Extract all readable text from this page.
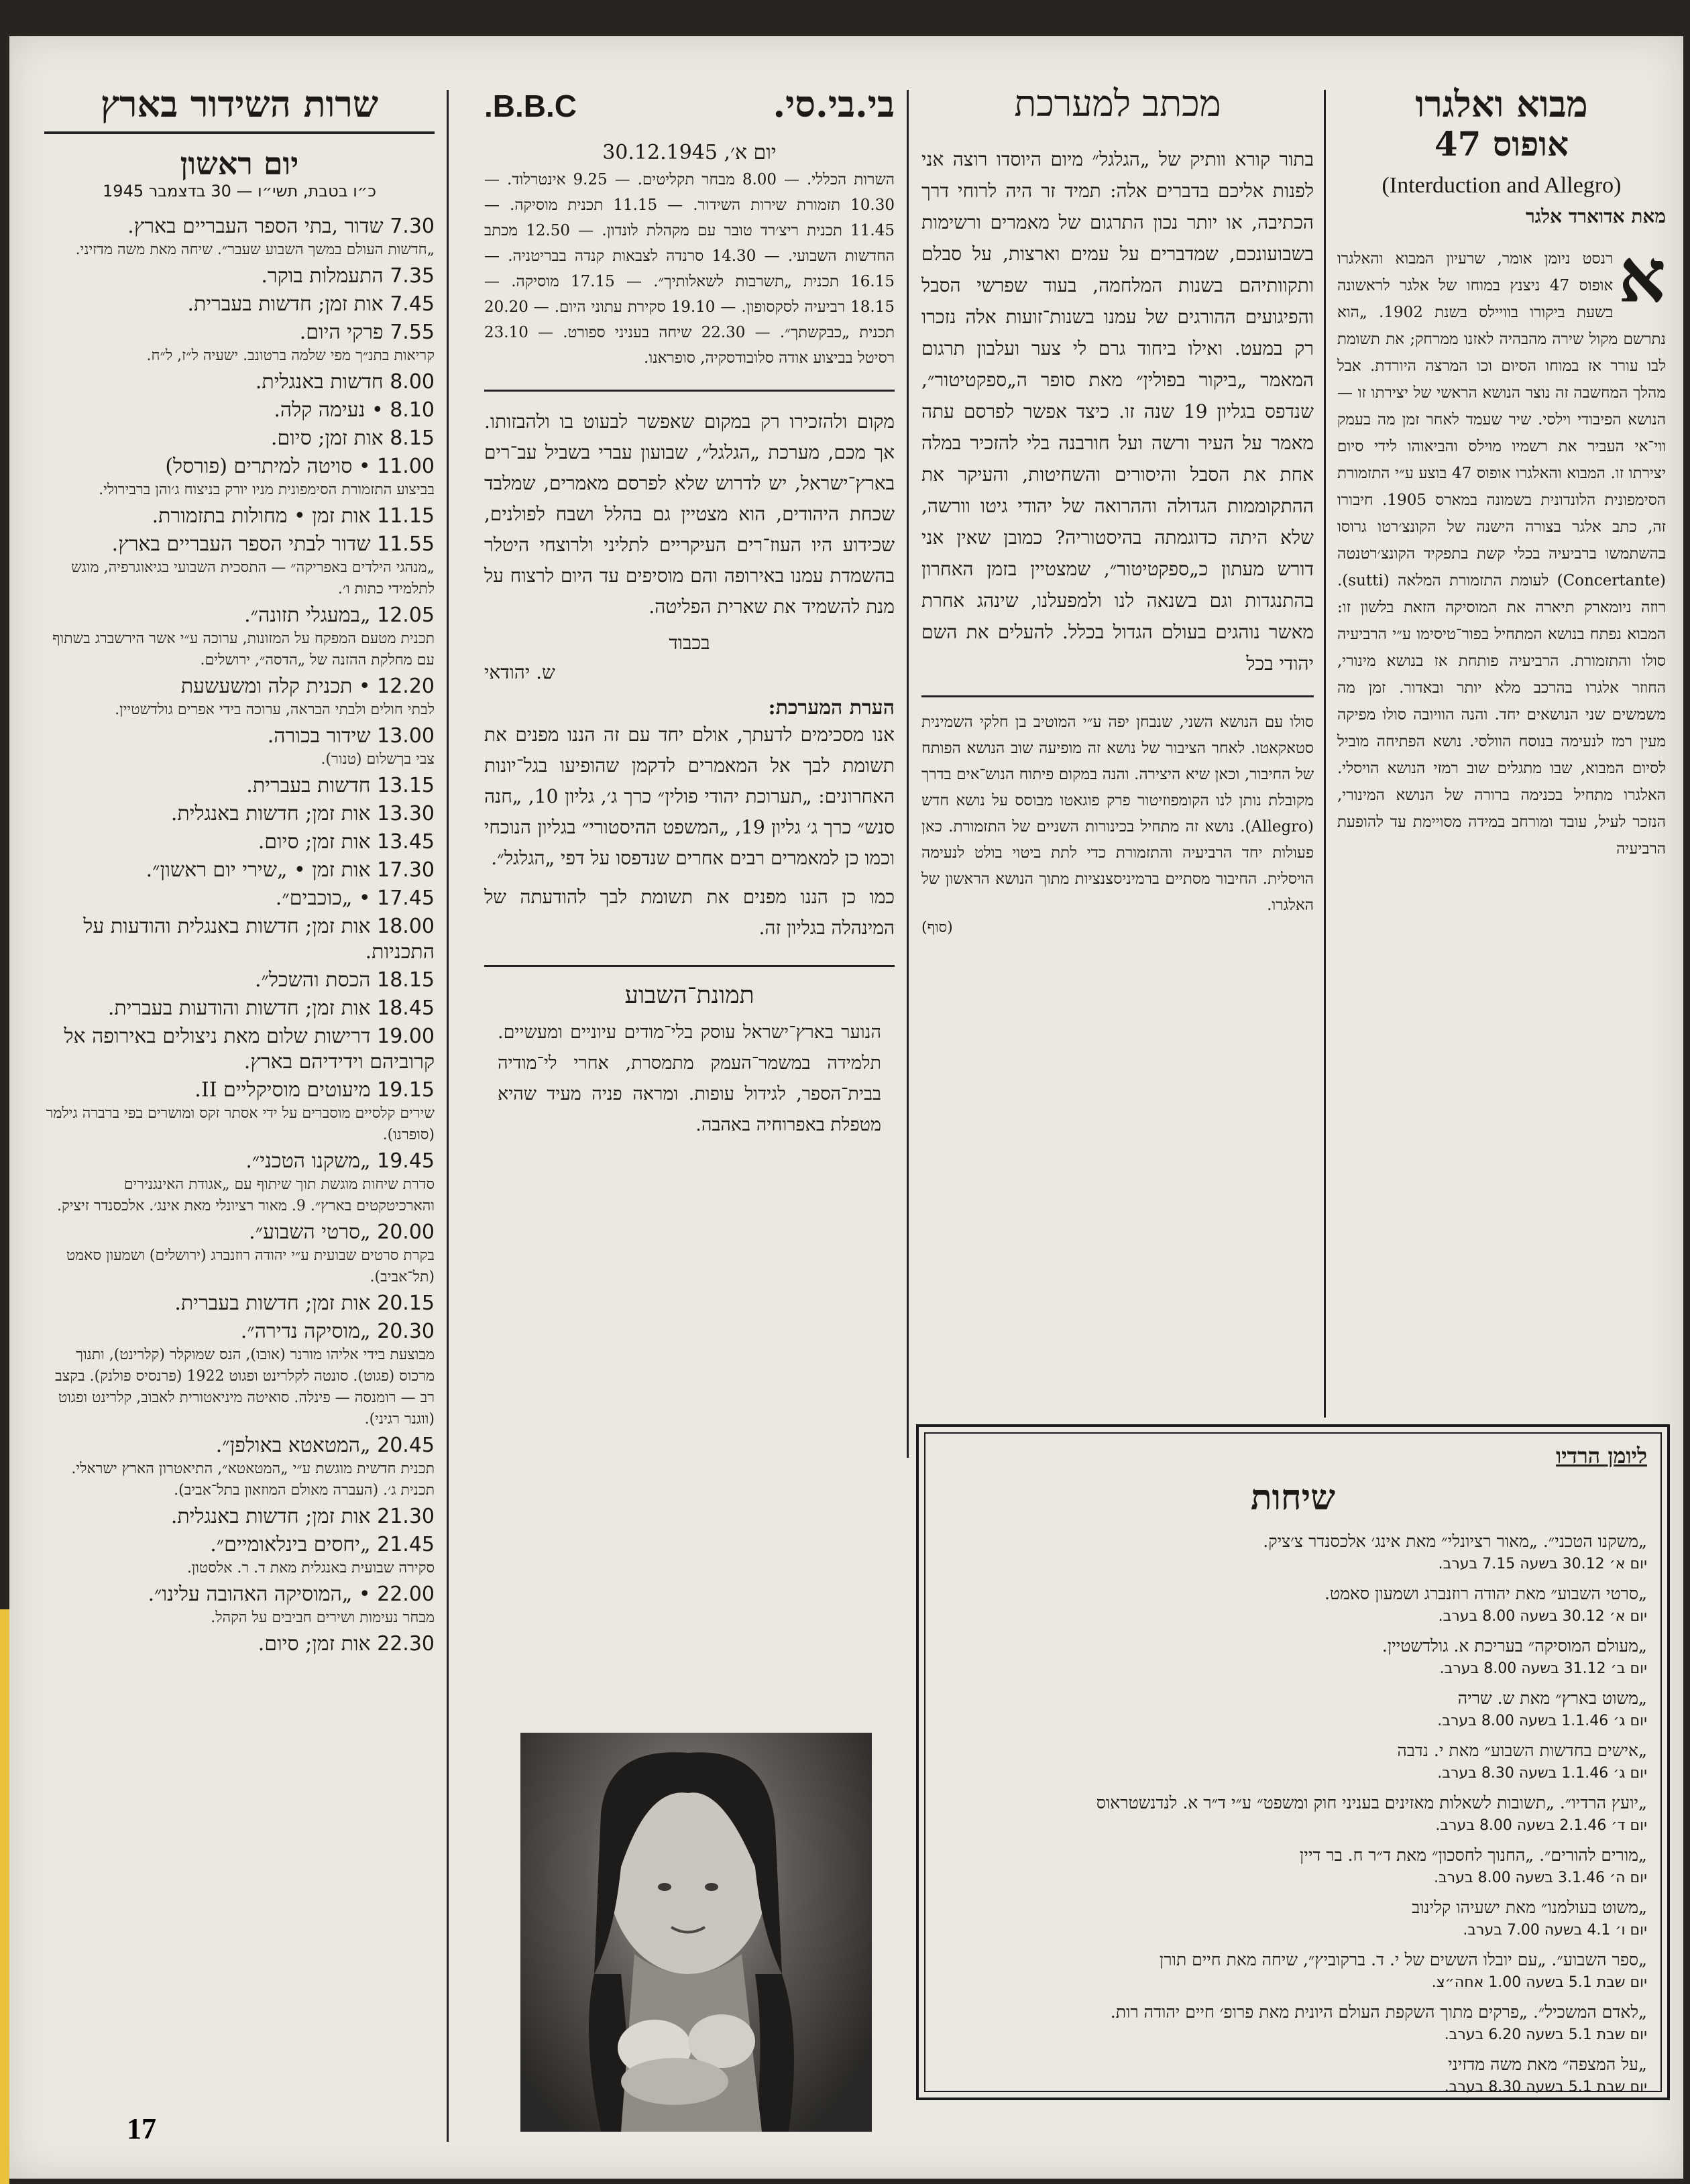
שרות השידור בארץ
יום ראשון
כ״ו בטבת, תשי״ו — 30 בדצמבר 1945
7.30 שדור ,בתי הספר העבריים בארץ.
„חדשות העולם במשך השבוע שעבר״. שיחה מאת משה מדזיני.
7.35 התעמלות בוקר.
7.45 אות זמן; חדשות בעברית.
7.55 פרקי היום.
קריאות בתנ״ך מפי שלמה ברטונב. ישעיה ל״ז, ל״ח.
8.00 חדשות באנגלית.
8.10 • נעימה קלה.
8.15 אות זמן; סיום.
11.00 • סויטה למיתרים (פורסל)
בביצוע התזמורת הסימפונית מניו יורק בניצוח ג׳והן ברבירולי.
11.15 אות זמן • מחולות בתזמורת.
11.55 שדור לבתי הספר העבריים בארץ.
„מנהגי הילדים באפריקה״ — התסכית השבועי בגיאוגרפיה, מוגש לתלמידי כתות ו׳.
12.05 „במעגלי תזונה״.
תכנית מטעם המפקח על המזונות, ערוכה ע״י אשר הירשברג בשתוף עם מחלקת ההזנה של „הדסה״, ירושלים.
12.20 • תכנית קלה ומשעשעת
לבתי חולים ולבתי הבראה, ערוכה בידי אפרים גולדשטיין.
13.00 שידור בכורה.
צבי בךשלום (טנור).
13.15 חדשות בעברית.
13.30 אות זמן; חדשות באנגלית.
13.45 אות זמן; סיום.
17.30 אות זמן • „שירי יום ראשון״.
17.45 • „כוכבים״.
18.00 אות זמן; חדשות באנגלית והודעות על התכניות.
18.15 הכסת והשכל״.
18.45 אות זמן; חדשות והודעות בעברית.
19.00 דרישות שלום מאת ניצולים באירופה אל קרוביהם וידידיהם בארץ.
19.15 מיעוטים מוסיקליים II.
שירים קלסיים מוסברים על ידי אסתר זקס ומושרים בפי ברברה גילמר (סופרנו).
19.45 „משקנו הטכני״.
סדרת שיחות מוגשת תוך שיתוף עם „אגודת האינגנירים והארכיטקטים בארץ״. 9. מאור רציונלי מאת אינג׳. אלכסנדר זיציק.
20.00 „סרטי השבוע״.
בקרת סרטים שבועית ע״י יהודה רוזנברג (ירושלים) ושמעון סאמט (תל־אביב).
20.15 אות זמן; חדשות בעברית.
20.30 „מוסיקה נדירה״.
מבוצעת בידי אליהו מורנר (אובו), הנס שמוקלר (קלרינט), ותנוך מרכוס (פגוט). סונטה לקלרינט ופגוט 1922 (פרנסיס פולנק). בקצב רב — רומנסה — פינלה. סואיטה מיניאטורית לאבוב, קלרינט ופגוט (ווגנר רגיני).
20.45 „המטאטא באולפן״.
תכנית חדשית מוגשת ע״י „המטאטא״, התיאטרון הארץ ישראלי. תכנית ג׳. (העברה מאולם המוזאון בתל־אביב).
21.30 אות זמן; חדשות באנגלית.
21.45 „יחסים בינלאומיים״.
סקירה שבועית באנגלית מאת ד. ר. אלסטון.
22.00 • „המוסיקה האהובה עלינו״.
מבחר נעימות ושירים חביבים על הקהל.
22.30 אות זמן; סיום.
בי.בי.סי.
B.B.C.
יום א׳, 30.12.1945
השרות הכללי. — 8.00 מבחר תקליטים. — 9.25 אינטרלוד. — 10.30 תזמורת שירות השידור. — 11.15 תכנית מוסיקה. — 11.45 תכנית ריצ׳רד טובר עם מקהלת לונדון. — 12.50 מכתב החדשות השבועי. — 14.30 סרנדה לצבאות קנדה בבריטניה. — 16.15 תכנית „תשרבות לשאלותיך״. — 17.15 מוסיקה. — 18.15 רביעיה לסקסופון. — 19.10 סקירת עתוני היום. — 20.20 תכנית „כבקשתך״. — 22.30 שיחה בעניני ספורט. — 23.10 רסיטל בביצוע אודה סלובודסקיה, סופראנו.
מקום ולהזכירו רק במקום שאפשר לבעוט בו ולהבזותו. אך מכם, מערכת „הגלגל״, שבועון עברי בשביל עב־רים בארץ־ישראל, יש לדרוש שלא לפרסם מאמרים, שמלבד שכחת היהודים, הוא מצטיין גם בהלל ושבח לפולנים, שכידוע היו העוז־רים העיקריים לתליני ולרוצחי היטלר בהשמדת עמנו באירופה והם מוסיפים עד היום לרצוח על מנת להשמיד את שארית הפליטה.
בכבוד
ש. יהודאי
הערת המערכת:
אנו מסכימים לדעתך, אולם יחד עם זה הננו מפנים את תשומת לבך אל המאמרים לדקמן שהופיעו בגל־יונות האחרונים: „תערוכת יהודי פולין״ כרך ג׳, גליון 10, „חנה סנש״ כרך ג׳ גליון 19, „המשפט ההיסטורי״ בגליון הנוכחי וכמו כן למאמרים רבים אחרים שנדפסו על דפי „הגלגל״.
כמו כן הננו מפנים את תשומת לבך להודעתה של המינהלה בגליון זה.
תמונת־השבוע
הנוער בארץ־ישראל עוסק בלי־מודים עיוניים ומעשיים. תלמידה במשמר־העמק מתמסרת, אחרי לי־מודיה בבית־הספר, לגידול עופות. ומראה פניה מעיד שהיא מטפלת באפרוחיה באהבה.
מכתב למערכת
בתור קורא וותיק של „הגלגל״ מיום היוסדו רוצה אני לפנות אליכם בדברים אלה: תמיד זר היה לרוחי דרך הכתיבה, או יותר נכון התרגום של מאמרים ורשימות בשבועונכם, שמדברים על עמים וארצות, על סבלם ותקוותיהם בשנות המלחמה, בעוד שפרשי הסבל והפיגועים ההורגים של עמנו בשנות־זועות אלה נזכרו רק במעט. ואילו ביחוד גרם לי צער ועלבון תרגום המאמר „ביקור בפולין״ מאת סופר ה„ספקטיטור״, שנדפס בגליון 19 שנה זו. כיצד אפשר לפרסם עתה מאמר על העיר ורשה ועל חורבנה בלי להזכיר במלה אחת את הסבל והיסורים והשחיטות, והעיקר את ההתקוממות הגדולה וההרואה של יהודי גיטו וורשה, שלא היתה כדוגמתה בהיסטוריה? כמובן שאין אני דורש מעתון כ„ספקטיטור״, שמצטיין בזמן האחרון בהתנגדות וגם בשנאה לנו ולמפעלנו, שינהג אחרת מאשר נוהגים בעולם הגדול בכלל. להעלים את השם יהודי בכל
סולו עם הנושא השני, שנבחן יפה ע״י המוטיב בן חלקי השמינית סטאקאטו. לאחר הציבור של נושא זה מופיעה שוב הנושא הפותח של החיבור, וכאן שיא היצירה. והנה במקום פיתוח הנוש־אים בדרך מקובלת נותן לנו הקומפוזיטור פרק פוגאטו מבוסס על נושא חדש (Allegro). נושא זה מתחיל בכינורות השניים של התזמורת. כאן פעולות יחד הרביעיה והתזמורת כדי לתת ביטוי בולט לנעימה הויסלית. החיבור מסתיים ברמיניסצנציות מתוך הנושא הראשון של האלגרו.
(סוף)
מבוא ואלגרו
אופוס 47
(Interduction and Allegro)
מאת אדוארד אלגר
א
רנסט ניומן אומר, שרעיון המבוא והאלגרו אופוס 47 ניצנץ במוחו של אלגר לראשונה בשעת ביקורו בוויילס בשנת 1902. „הוא נתרשם מקול שירה מהבהיה לאזנו ממרחק; את תשומת לבו עורר אז במוחו הסיום וכו המרצה היורדת. אבל מהלך המחשבה זה נוצר הנושא הראשי של יצירתו זו — הנושא הפיבודי וילסי. שיר שעמד לאחר זמן מה בעמק ווי־אי העביר את רשמיו מוילס והביאוהו לידי סיום יצירתו זו. המבוא והאלגרו אופוס 47 בוצע ע״י התזמורת הסימפונית הלונדונית בשמונה במארס 1905. חיבורו זה, כתב אלגר בצורה הישנה של הקונצ׳רטו גרוסו בהשתמשו ברביעיה בכלי קשת בתפקיד הקונצ׳רטנטה (Concertante) לעומת התזמורת המלאה (sutti). רוזה ניומארק תיארה את המוסיקה הזאת בלשון זו: המבוא נפתח בנושא המתחיל בפור־טיסימו ע״י הרביעיה סולו והתזמורת. הרביעיה פותחת אז בנושא מינורי, החוזר אלגרו בהרכב מלא יותר ובאדור. זמן מה משמשים שני הנושאים יחד. והנה הוויובה סולו מפיקה מעין רמז לנעימה בנוסח הוולסי. נושא הפתיחה מוביל לסיום המבוא, שבו מתגלים שוב רמזי הנושא הויסלי. האלגרו מתחיל בכנימה ברורה של הנושא המינורי, הנזכר לעיל, עובד ומורחב במידה מסויימת עד להופעת הרביעיה
ליומן הרדיו
שיחות
„משקנו הטכני״. „מאור רציונלי״ מאת אינג׳ אלכסנדר צ׳ציק.
יום א׳ 30.12 בשעה 7.15 בערב.
„סרטי השבוע״ מאת יהודה רוזנברג ושמעון סאמט.
יום א׳ 30.12 בשעה 8.00 בערב.
„מעולם המוסיקה״ בעריכת א. גולדשטיין.
יום ב׳ 31.12 בשעה 8.00 בערב.
„משוט בארץ״ מאת ש. שריה
יום ג׳ 1.1.46 בשעה 8.00 בערב.
„אישים בחדשות השבוע״ מאת י. נדבה
יום ג׳ 1.1.46 בשעה 8.30 בערב.
„יועץ הרדיו״. „תשובות לשאלות מאזינים בעניני חוק ומשפט״ ע״י ד״ר א. לנדנשטראוס
יום ד׳ 2.1.46 בשעה 8.00 בערב.
„מורים להורים״. „החנוך לחסכון״ מאת ד״ר ח. בר דיין
יום ה׳ 3.1.46 בשעה 8.00 בערב.
„משוט בעולמנו״ מאת ישעיהו קלינוב
יום ו׳ 4.1 בשעה 7.00 בערב.
„ספר השבוע״. „עם יובלו הששים של י. ד. ברקוביץ״, שיחה מאת חיים תורן
יום שבת 5.1 בשעה 1.00 אחה״צ.
„לאדם המשכיל״. „פרקים מתוך השקפת העולם היונית מאת פרופ׳ חיים יהודה רות.
יום שבת 5.1 בשעה 6.20 בערב.
„על המצפה״ מאת משה מדזיני
יום שבת 5.1 בשעה 8.30 בערב.
17
